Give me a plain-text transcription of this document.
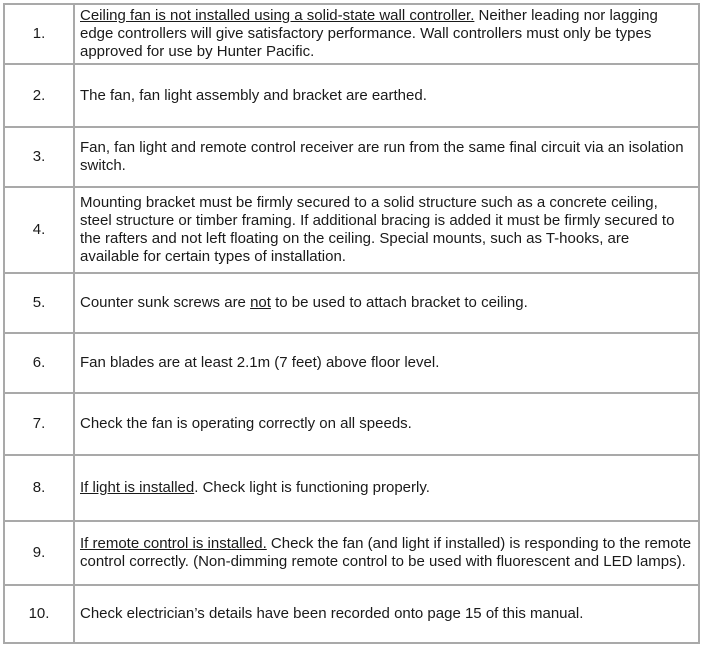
1.	Ceiling fan is not installed using a solid-state wall controller. Neither leading nor lagging edge controllers will give satisfactory performance. Wall controllers must only be types approved for use by Hunter Pacific.
2.	The fan, fan light assembly and bracket are earthed.
3.	Fan, fan light and remote control receiver are run from the same final circuit via an isolation switch.
4.	Mounting bracket must be firmly secured to a solid structure such as a concrete ceiling, steel structure or timber framing. If additional bracing is added it must be firmly secured to the rafters and not left floating on the ceiling. Special mounts, such as T-hooks, are available for certain types of installation.
5.	Counter sunk screws are not to be used to attach bracket to ceiling.
6.	Fan blades are at least 2.1m (7 feet) above floor level.
7.	Check the fan is operating correctly on all speeds.
8.	If light is installed. Check light is functioning properly.
9.	If remote control is installed. Check the fan (and light if installed) is responding to the remote control correctly. (Non-dimming remote control to be used with fluorescent and LED lamps).
10.	Check electrician’s details have been recorded onto page 15 of this manual.
